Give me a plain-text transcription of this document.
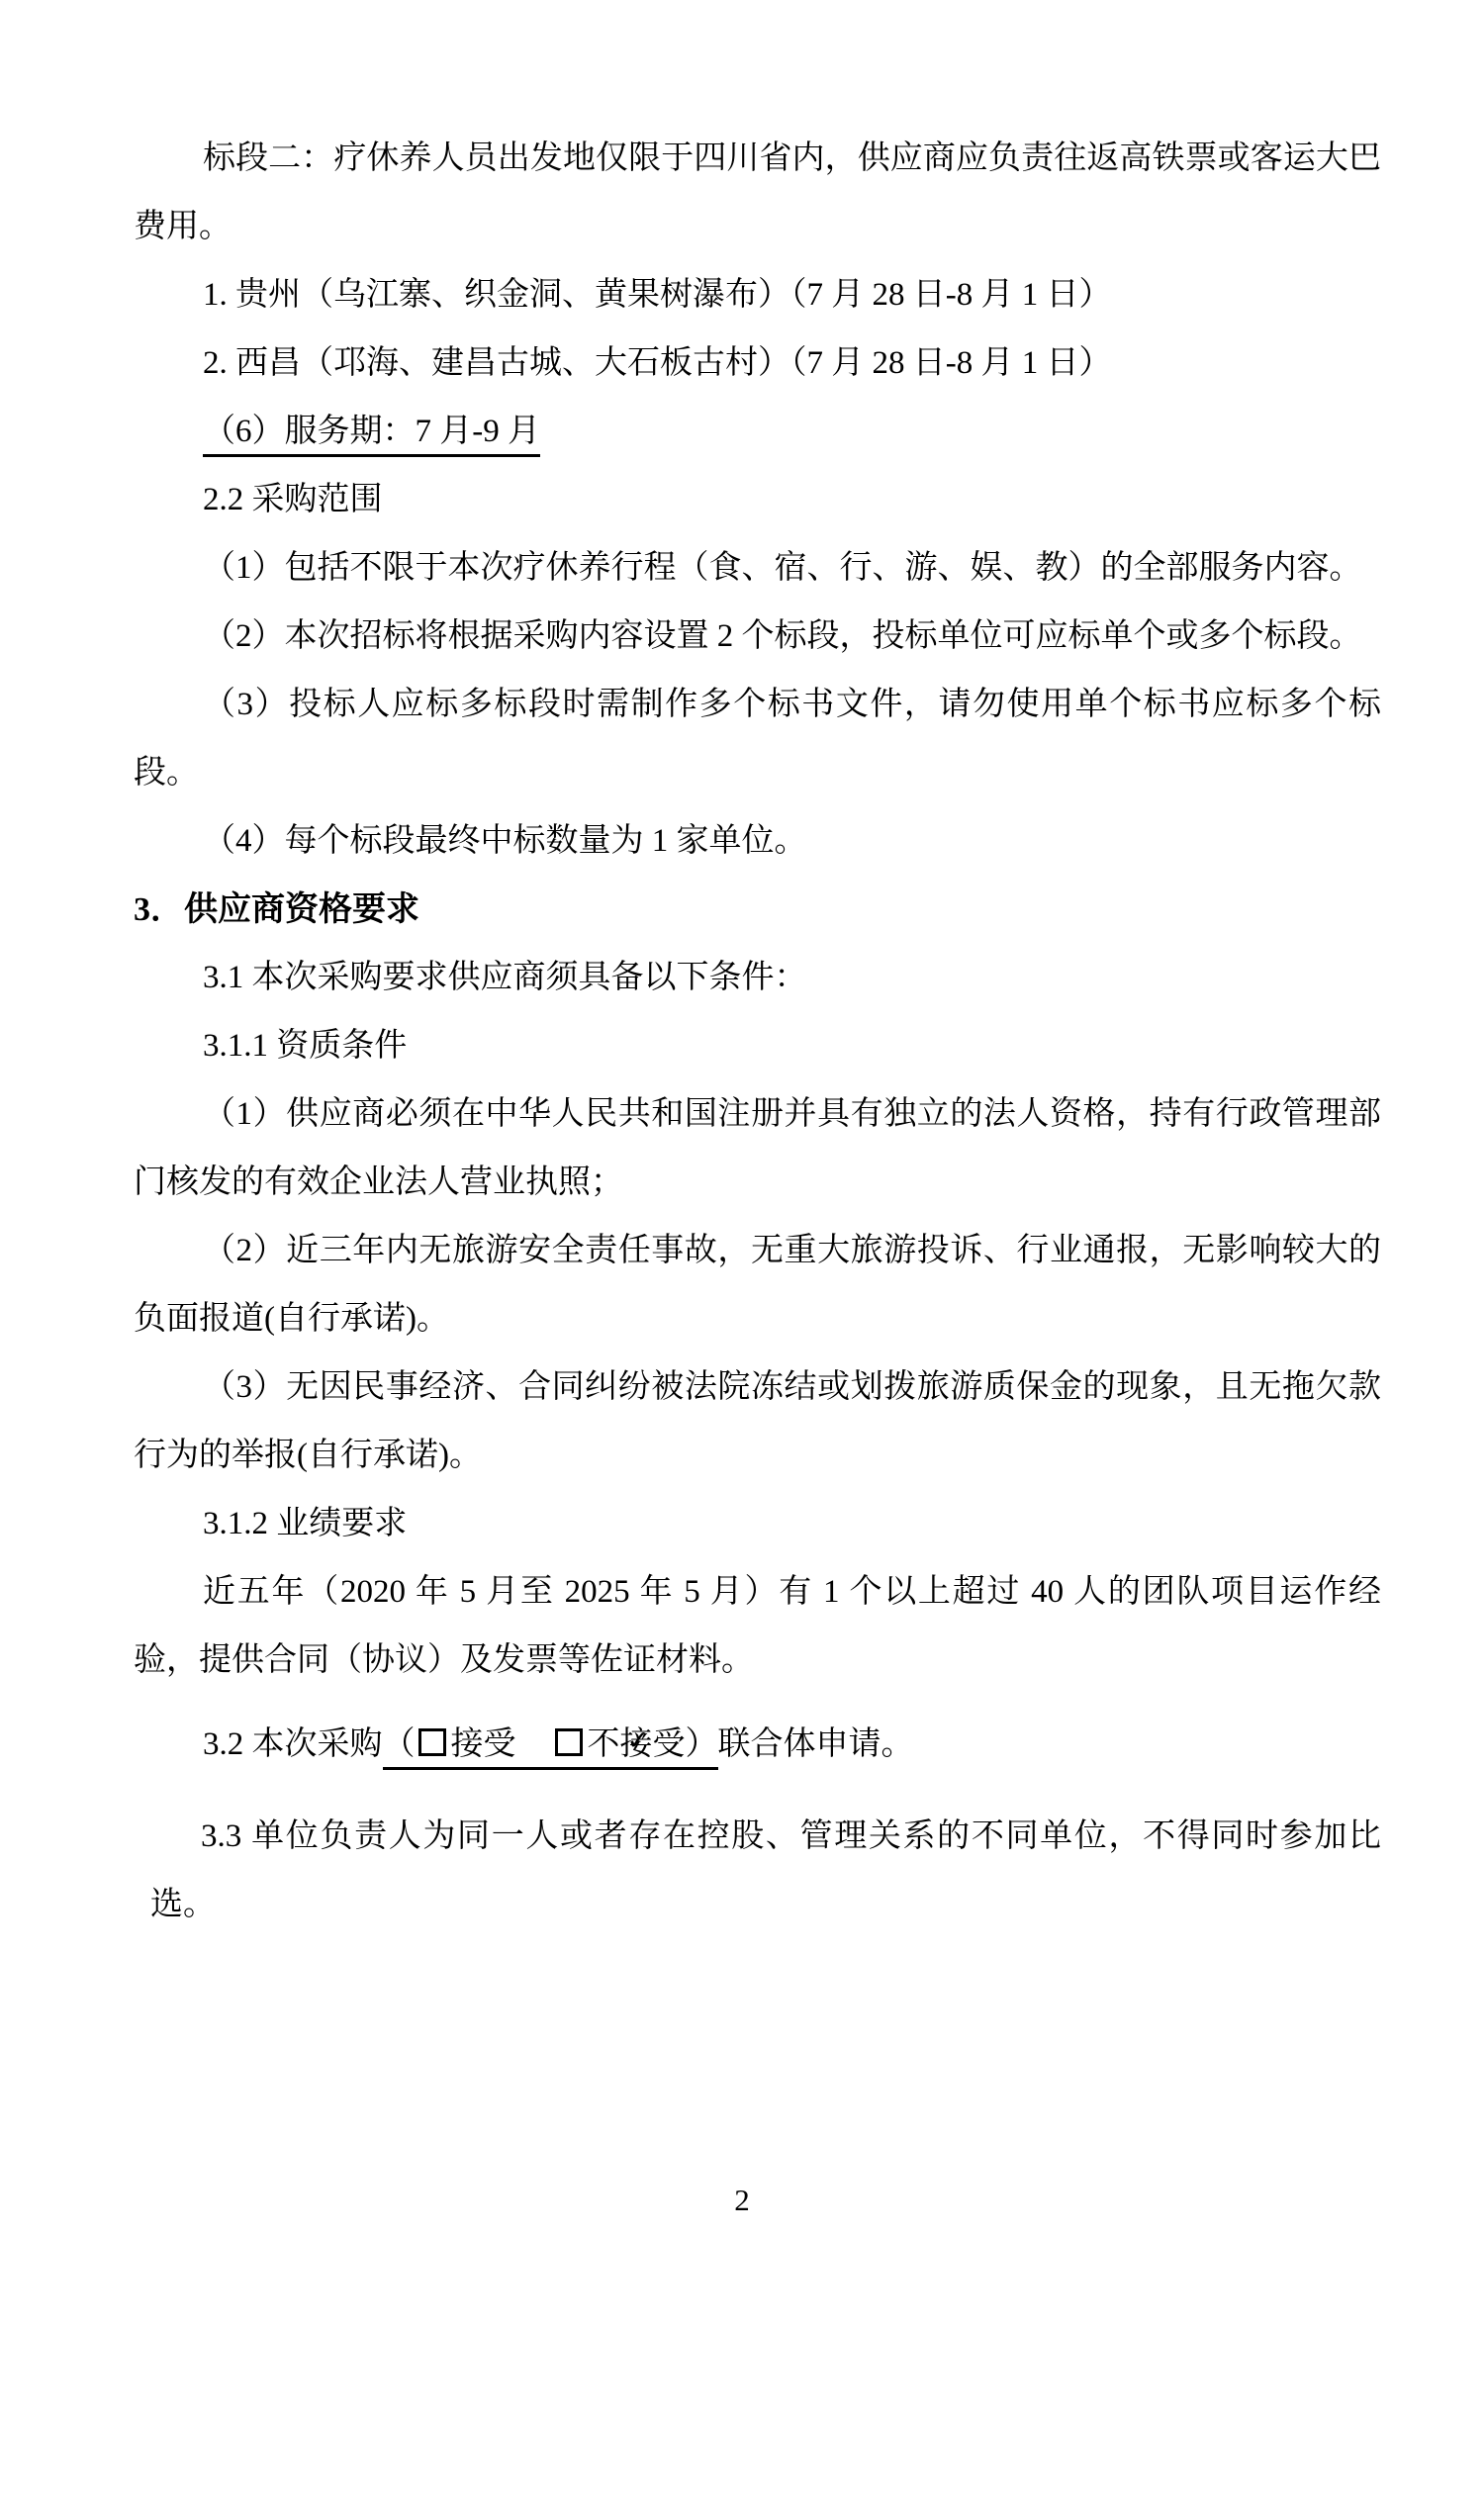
标段二：疗休养人员出发地仅限于四川省内，供应商应负责往返高铁票或客运大巴费用。

1. 贵州（乌江寨、织金洞、黄果树瀑布）（7 月 28 日-8 月 1 日）

2. 西昌（邛海、建昌古城、大石板古村）（7 月 28 日-8 月 1 日）

（6）服务期：7 月-9 月

2.2 采购范围

（1）包括不限于本次疗休养行程（食、宿、行、游、娱、教）的全部服务内容。

（2）本次招标将根据采购内容设置 2 个标段，投标单位可应标单个或多个标段。

（3）投标人应标多标段时需制作多个标书文件，请勿使用单个标书应标多个标段。

（4）每个标段最终中标数量为 1 家单位。

3．供应商资格要求

3.1 本次采购要求供应商须具备以下条件：

3.1.1 资质条件

（1）供应商必须在中华人民共和国注册并具有独立的法人资格，持有行政管理部门核发的有效企业法人营业执照；

（2）近三年内无旅游安全责任事故，无重大旅游投诉、行业通报，无影响较大的负面报道(自行承诺)。

（3）无因民事经济、合同纠纷被法院冻结或划拨旅游质保金的现象，且无拖欠款行为的举报(自行承诺)。

3.1.2 业绩要求

近五年（2020 年 5 月至 2025 年 5 月）有 1 个以上超过 40 人的团队项目运作经验，提供合同（协议）及发票等佐证材料。

3.2 本次采购（ 接受 ✓ 不接受）联合体申请。

3.3 单位负责人为同一人或者存在控股、管理关系的不同单位，不得同时参加比选。

2
